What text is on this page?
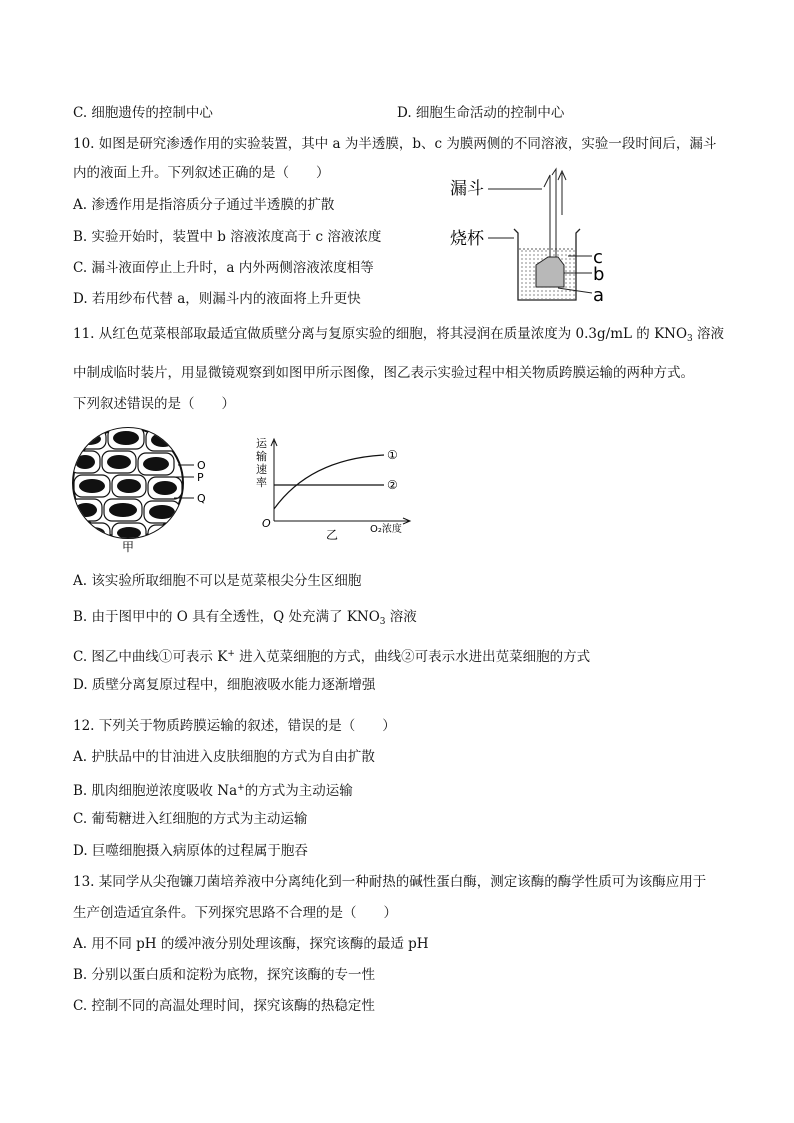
C. 细胞遗传的控制中心	D. 细胞生命活动的控制中心
10. 如图是研究渗透作用的实验装置，其中 a 为半透膜，b、c 为膜两侧的不同溶液，实验一段时间后，漏斗
内的液面上升。下列叙述正确的是（　　）
A. 渗透作用是指溶质分子通过半透膜的扩散
B. 实验开始时，装置中 b 溶液浓度高于 c 溶液浓度
C. 漏斗液面停止上升时，a 内外两侧溶液浓度相等
D. 若用纱布代替 a，则漏斗内的液面将上升更快
漏斗
烧杯
c
b
a
11. 从红色苋菜根部取最适宜做质壁分离与复原实验的细胞，将其浸润在质量浓度为 0.3g/mL 的 $KNO_3$ 溶液
中制成临时装片，用显微镜观察到如图甲所示图像，图乙表示实验过程中相关物质跨膜运输的两种方式。
下列叙述错误的是（　　）
O
P
Q
甲
运
输
速
率
O
①
②
乙	O₂浓度
A. 该实验所取细胞不可以是苋菜根尖分生区细胞
B. 由于图甲中的 O 具有全透性，Q 处充满了 $KNO_3$ 溶液
C. 图乙中曲线①可表示 K+ 进入苋菜细胞的方式，曲线②可表示水进出苋菜细胞的方式
D. 质壁分离复原过程中，细胞液吸水能力逐渐增强
12. 下列关于物质跨膜运输的叙述，错误的是（　　）
A. 护肤品中的甘油进入皮肤细胞的方式为自由扩散
B. 肌肉细胞逆浓度吸收 Na+的方式为主动运输
C. 葡萄糖进入红细胞的方式为主动运输
D. 巨噬细胞摄入病原体的过程属于胞吞
13. 某同学从尖孢镰刀菌培养液中分离纯化到一种耐热的碱性蛋白酶，测定该酶的酶学性质可为该酶应用于
生产创造适宜条件。下列探究思路不合理的是（　　）
A. 用不同 pH 的缓冲液分别处理该酶，探究该酶的最适 pH
B. 分别以蛋白质和淀粉为底物，探究该酶的专一性
C. 控制不同的高温处理时间，探究该酶的热稳定性
